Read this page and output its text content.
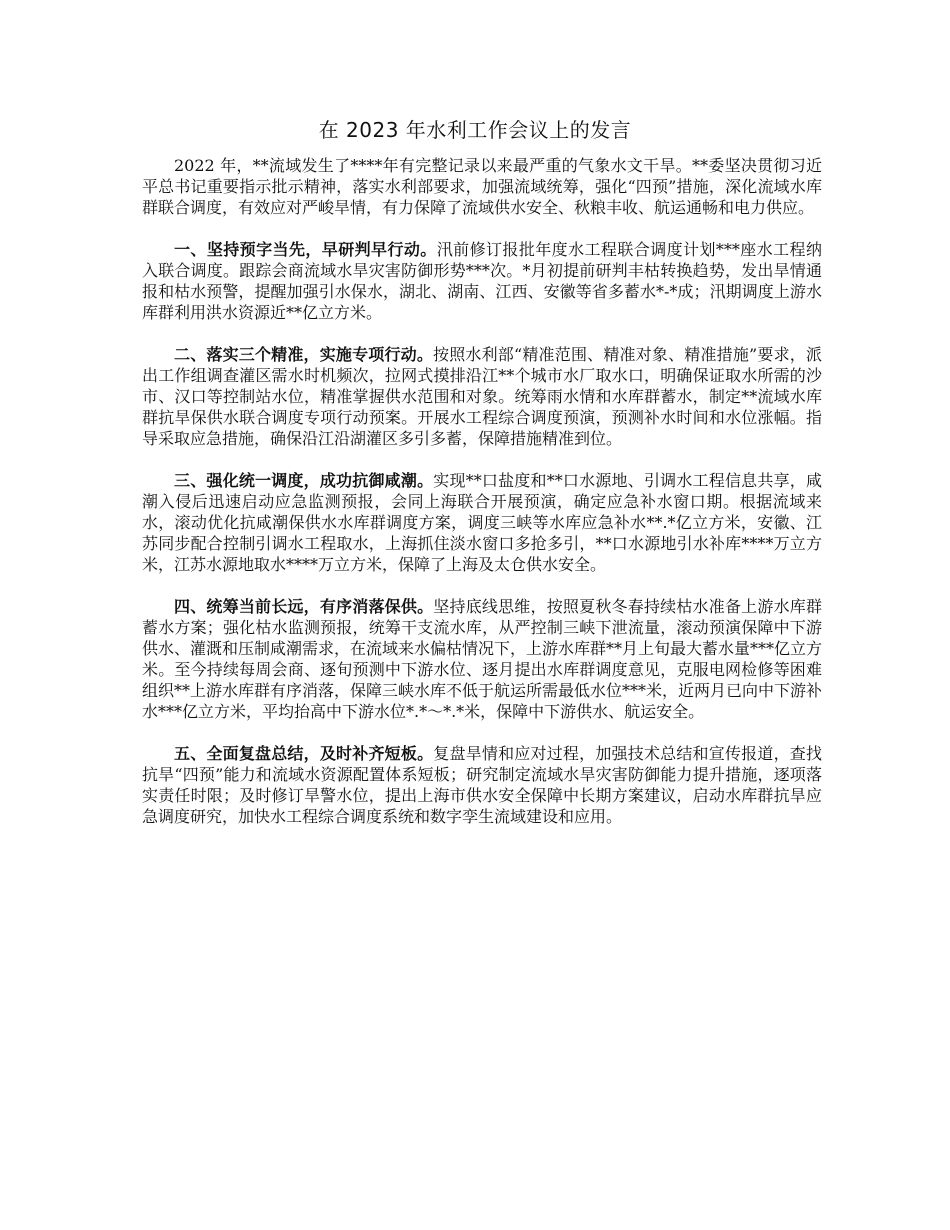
在 2023 年水利工作会议上的发言

2022 年，**流域发生了****年有完整记录以来最严重的气象水文干旱。**委坚决贯彻习近平总书记重要指示批示精神，落实水利部要求，加强流域统筹，强化“四预”措施，深化流域水库群联合调度，有效应对严峻旱情，有力保障了流域供水安全、秋粮丰收、航运通畅和电力供应。

一、坚持预字当先，早研判早行动。汛前修订报批年度水工程联合调度计划***座水工程纳入联合调度。跟踪会商流域水旱灾害防御形势***次。*月初提前研判丰枯转换趋势，发出旱情通报和枯水预警，提醒加强引水保水，湖北、湖南、江西、安徽等省多蓄水*-*成；汛期调度上游水库群利用洪水资源近**亿立方米。

二、落实三个精准，实施专项行动。按照水利部“精准范围、精准对象、精准措施”要求，派出工作组调查灌区需水时机频次，拉网式摸排沿江**个城市水厂取水口，明确保证取水所需的沙市、汉口等控制站水位，精准掌握供水范围和对象。统筹雨水情和水库群蓄水，制定**流域水库群抗旱保供水联合调度专项行动预案。开展水工程综合调度预演，预测补水时间和水位涨幅。指导采取应急措施，确保沿江沿湖灌区多引多蓄，保障措施精准到位。

三、强化统一调度，成功抗御咸潮。实现**口盐度和**口水源地、引调水工程信息共享，咸潮入侵后迅速启动应急监测预报，会同上海联合开展预演，确定应急补水窗口期。根据流域来水，滚动优化抗咸潮保供水水库群调度方案，调度三峡等水库应急补水**.*亿立方米，安徽、江苏同步配合控制引调水工程取水，上海抓住淡水窗口多抢多引，**口水源地引水补库****万立方米，江苏水源地取水****万立方米，保障了上海及太仓供水安全。

四、统筹当前长远，有序消落保供。坚持底线思维，按照夏秋冬春持续枯水准备上游水库群蓄水方案；强化枯水监测预报，统筹干支流水库，从严控制三峡下泄流量，滚动预演保障中下游供水、灌溉和压制咸潮需求，在流域来水偏枯情况下，上游水库群**月上旬最大蓄水量***亿立方米。至今持续每周会商、逐旬预测中下游水位、逐月提出水库群调度意见，克服电网检修等困难组织**上游水库群有序消落，保障三峡水库不低于航运所需最低水位***米，近两月已向中下游补水***亿立方米，平均抬高中下游水位*.*～*.*米，保障中下游供水、航运安全。

五、全面复盘总结，及时补齐短板。复盘旱情和应对过程，加强技术总结和宣传报道，查找抗旱“四预”能力和流域水资源配置体系短板；研究制定流域水旱灾害防御能力提升措施，逐项落实责任时限；及时修订旱警水位，提出上海市供水安全保障中长期方案建议，启动水库群抗旱应急调度研究，加快水工程综合调度系统和数字孪生流域建设和应用。
